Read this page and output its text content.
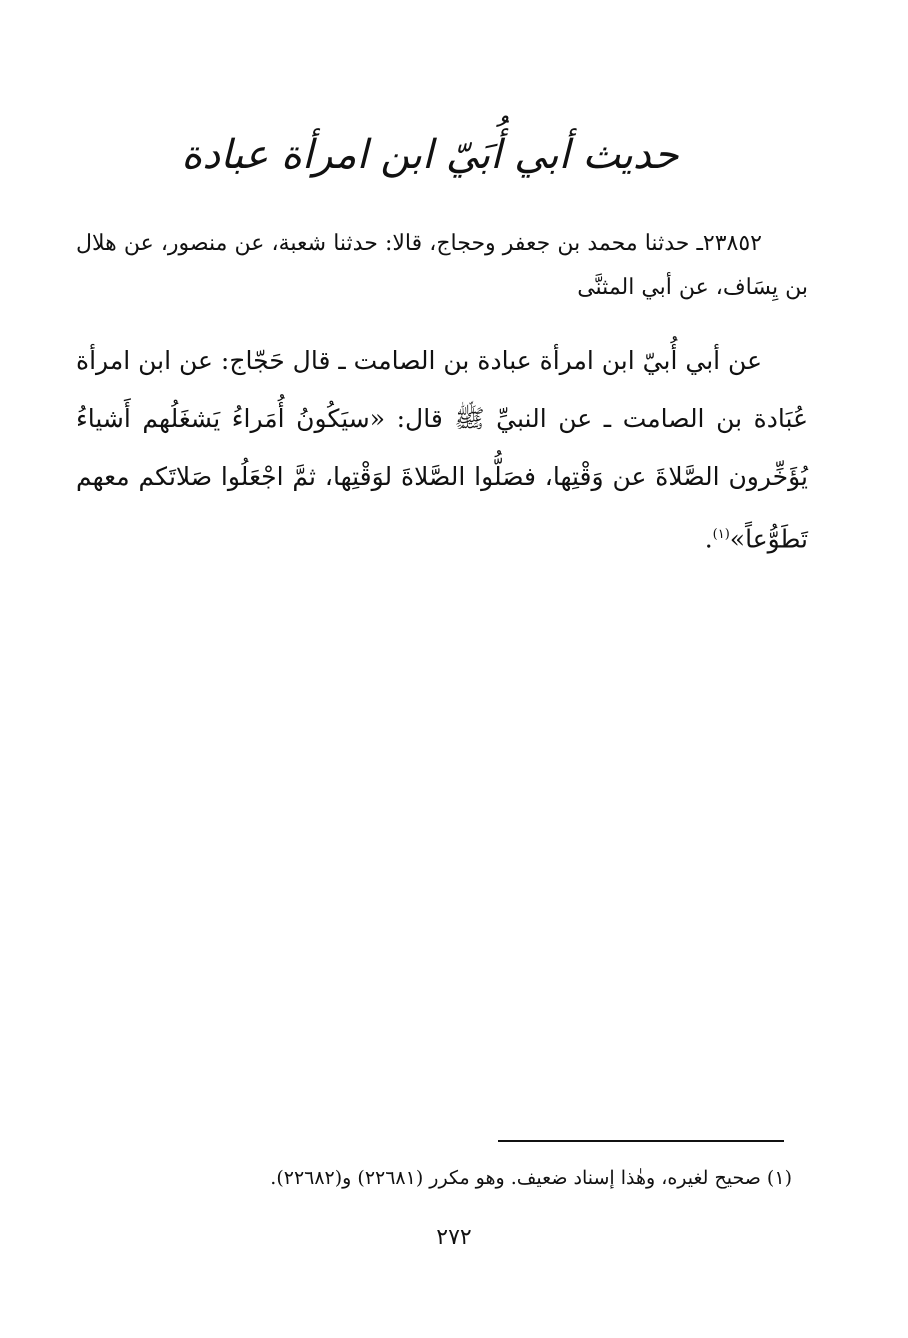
حديث أبي أُبَيّ ابن امرأة عبادة
٢٣٨٥٢ـ حدثنا محمد بن جعفر وحجاج، قالا: حدثنا شعبة، عن منصور، عن هلال بن يِسَاف، عن أبي المثنَّى
عن أبي أُبيّ ابن امرأة عبادة بن الصامت ـ قال حَجّاج: عن ابن امرأة عُبَادة بن الصامت ـ عن النبيِّ ﷺ قال: «سيَكُونُ أُمَراءُ يَشغَلُهم أَشياءُ يُؤَخِّرون الصَّلاةَ عن وَقْتِها، فصَلُّوا الصَّلاةَ لوَقْتِها، ثمَّ اجْعَلُوا صَلاتَكم معهم تَطَوُّعاً»$^{(١)}$.
(١) صحيح لغيره، وهٰذا إسناد ضعيف. وهو مكرر (٢٢٦٨١) و(٢٢٦٨٢).
٢٧٢
